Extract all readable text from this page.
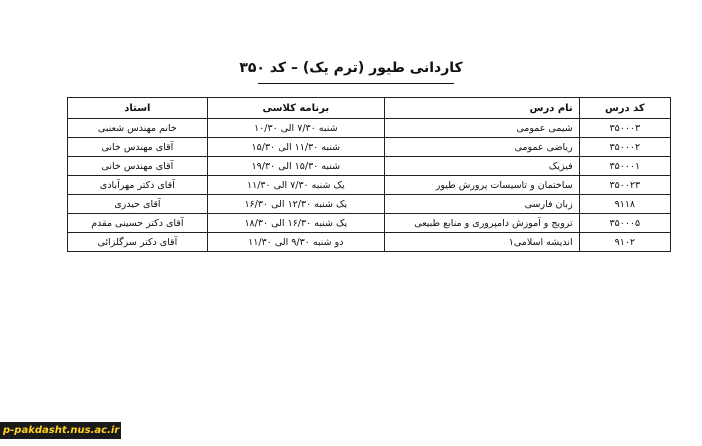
کاردانی طیور (ترم یک) – کد ۳۵۰
کد درس	نام درس	برنامه کلاسی	استاد
۳۵۰۰۰۳	شیمی عمومی	شنبه ۷/۳۰ الی ۱۰/۳۰	خانم مهندس شعنبی
۳۵۰۰۰۲	ریاضی عمومی	شنبه ۱۱/۳۰ الی ۱۵/۳۰	آقای مهندس خانی
۳۵۰۰۰۱	فیزیک	شنبه ۱۵/۳۰ الی ۱۹/۳۰	آقای مهندس خانی
۳۵۰۰۲۳	ساختمان و تاسیسات پرورش طیور	یک شنبه ۷/۳۰ الی ۱۱/۳۰	آقای دکتر مهرآبادی
۹۱۱۸	زبان فارسی	یک شنبه ۱۲/۳۰ الی ۱۶/۳۰	آقای حیدری
۳۵۰۰۰۵	ترویج و آموزش دامپروری و منابع طبیعی	یک شنبه ۱۶/۳۰ الی ۱۸/۳۰	آقای دکتر حسینی مقدم
۹۱۰۲	اندیشه اسلامی۱	دو شنبه ۹/۳۰ الی ۱۱/۳۰	آقای دکتر سرگلزائی
p-pakdasht.nus.ac.ir
